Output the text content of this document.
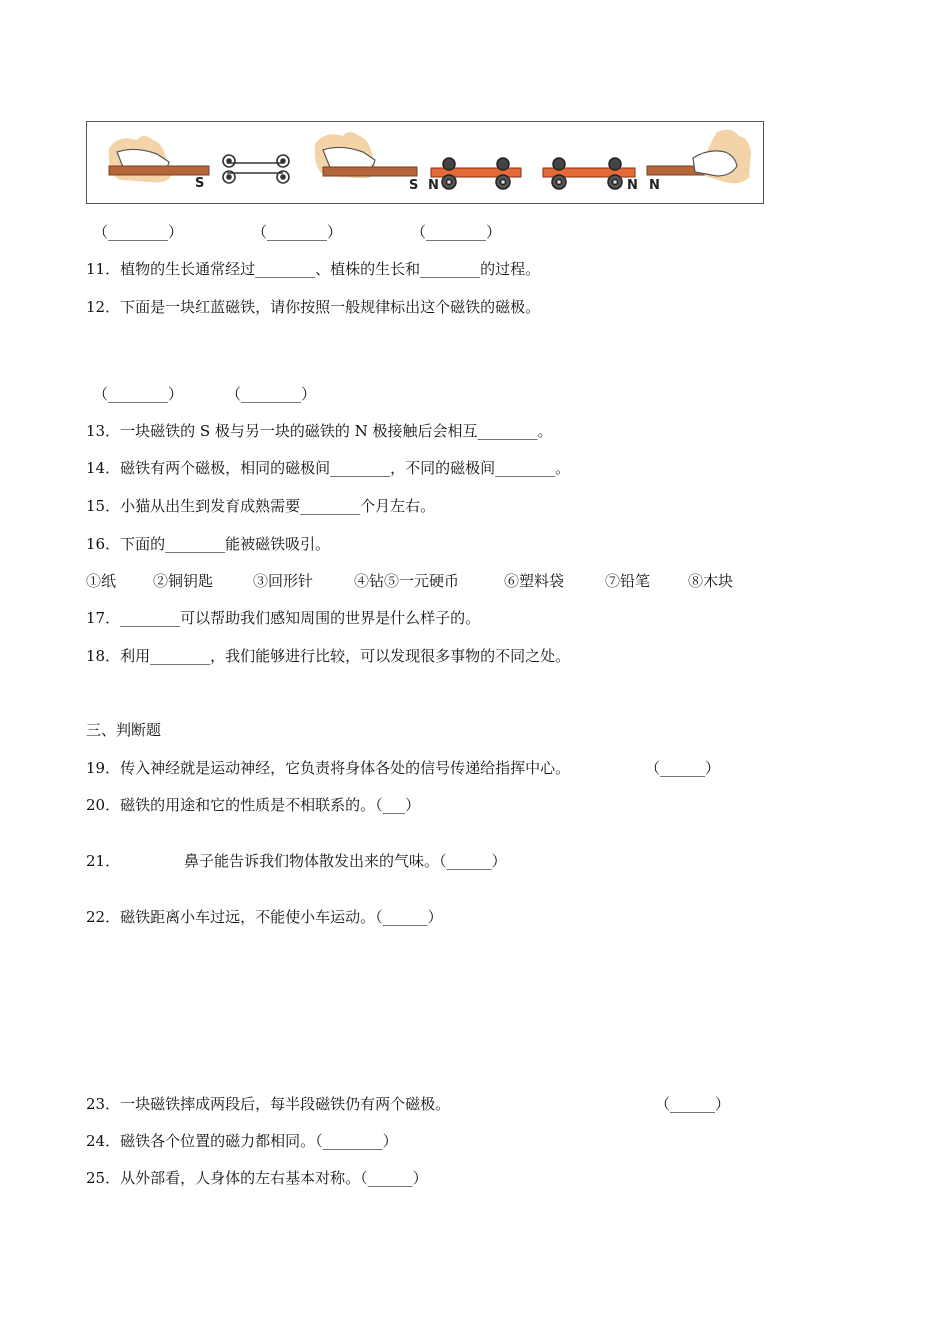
S	S N	N N
（________）	（________）	（________）
11．植物的生长通常经过________、植株的生长和________的过程。
12．下面是一块红蓝磁铁，请你按照一般规律标出这个磁铁的磁极。
（________）	（________）
13．一块磁铁的 S 极与另一块的磁铁的 N 极接触后会相互________。
14．磁铁有两个磁极，相同的磁极间________，不同的磁极间________。
15．小猫从出生到发育成熟需要________个月左右。
16．下面的________能被磁铁吸引。
①纸 ②铜钥匙	③回形针	④钻⑤一元硬币	⑥塑料袋	⑦铅笔	⑧木块
17．________可以帮助我们感知周围的世界是什么样子的。
18．利用________，我们能够进行比较，可以发现很多事物的不同之处。
三、判断题
19．传入神经就是运动神经，它负责将身体各处的信号传递给指挥中心。	（______）
20．磁铁的用途和它的性质是不相联系的。（___）
21．	鼻子能告诉我们物体散发出来的气味。（______）
22．磁铁距离小车过远，不能使小车运动。（______）
23．一块磁铁摔成两段后，每半段磁铁仍有两个磁极。	（______）
24．磁铁各个位置的磁力都相同。（________）
25．从外部看，人身体的左右基本对称。（______）
